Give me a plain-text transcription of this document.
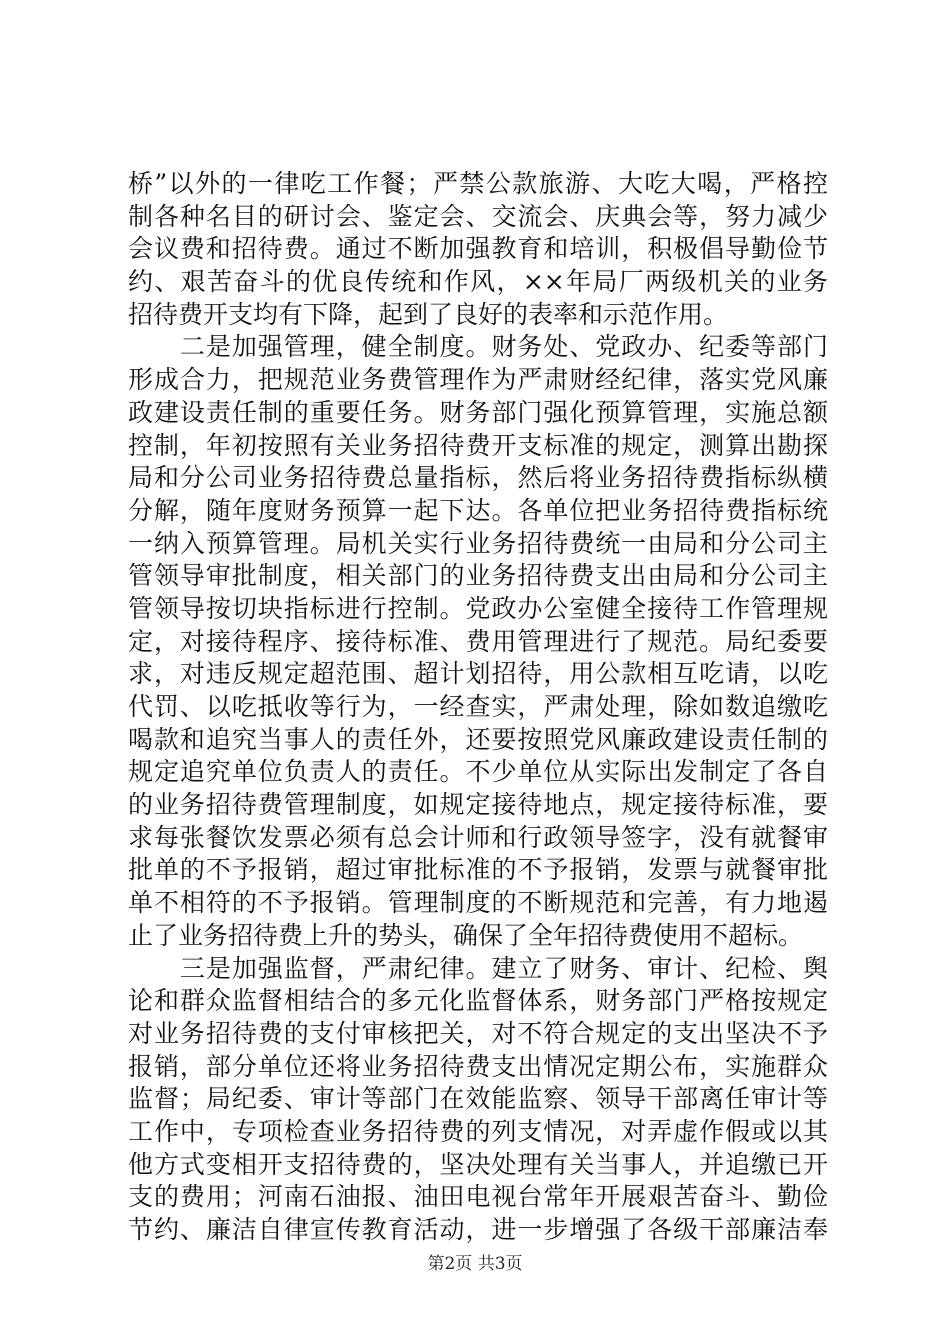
桥”以外的一律吃工作餐；严禁公款旅游、大吃大喝，严格控
制各种名目的研讨会、鉴定会、交流会、庆典会等，努力减少
会议费和招待费。通过不断加强教育和培训，积极倡导勤俭节
约、艰苦奋斗的优良传统和作风，××年局厂两级机关的业务
招待费开支均有下降，起到了良好的表率和示范作用。
　　二是加强管理，健全制度。财务处、党政办、纪委等部门
形成合力，把规范业务费管理作为严肃财经纪律，落实党风廉
政建设责任制的重要任务。财务部门强化预算管理，实施总额
控制，年初按照有关业务招待费开支标准的规定，测算出勘探
局和分公司业务招待费总量指标，然后将业务招待费指标纵横
分解，随年度财务预算一起下达。各单位把业务招待费指标统
一纳入预算管理。局机关实行业务招待费统一由局和分公司主
管领导审批制度，相关部门的业务招待费支出由局和分公司主
管领导按切块指标进行控制。党政办公室健全接待工作管理规
定，对接待程序、接待标准、费用管理进行了规范。局纪委要
求，对违反规定超范围、超计划招待，用公款相互吃请，以吃
代罚、以吃抵收等行为，一经查实，严肃处理，除如数追缴吃
喝款和追究当事人的责任外，还要按照党风廉政建设责任制的
规定追究单位负责人的责任。不少单位从实际出发制定了各自
的业务招待费管理制度，如规定接待地点，规定接待标准，要
求每张餐饮发票必须有总会计师和行政领导签字，没有就餐审
批单的不予报销，超过审批标准的不予报销，发票与就餐审批
单不相符的不予报销。管理制度的不断规范和完善，有力地遏
止了业务招待费上升的势头，确保了全年招待费使用不超标。
　　三是加强监督，严肃纪律。建立了财务、审计、纪检、舆
论和群众监督相结合的多元化监督体系，财务部门严格按规定
对业务招待费的支付审核把关，对不符合规定的支出坚决不予
报销，部分单位还将业务招待费支出情况定期公布，实施群众
监督；局纪委、审计等部门在效能监察、领导干部离任审计等
工作中，专项检查业务招待费的列支情况，对弄虚作假或以其
他方式变相开支招待费的，坚决处理有关当事人，并追缴已开
支的费用；河南石油报、油田电视台常年开展艰苦奋斗、勤俭
节约、廉洁自律宣传教育活动，进一步增强了各级干部廉洁奉
第2页 共3页
